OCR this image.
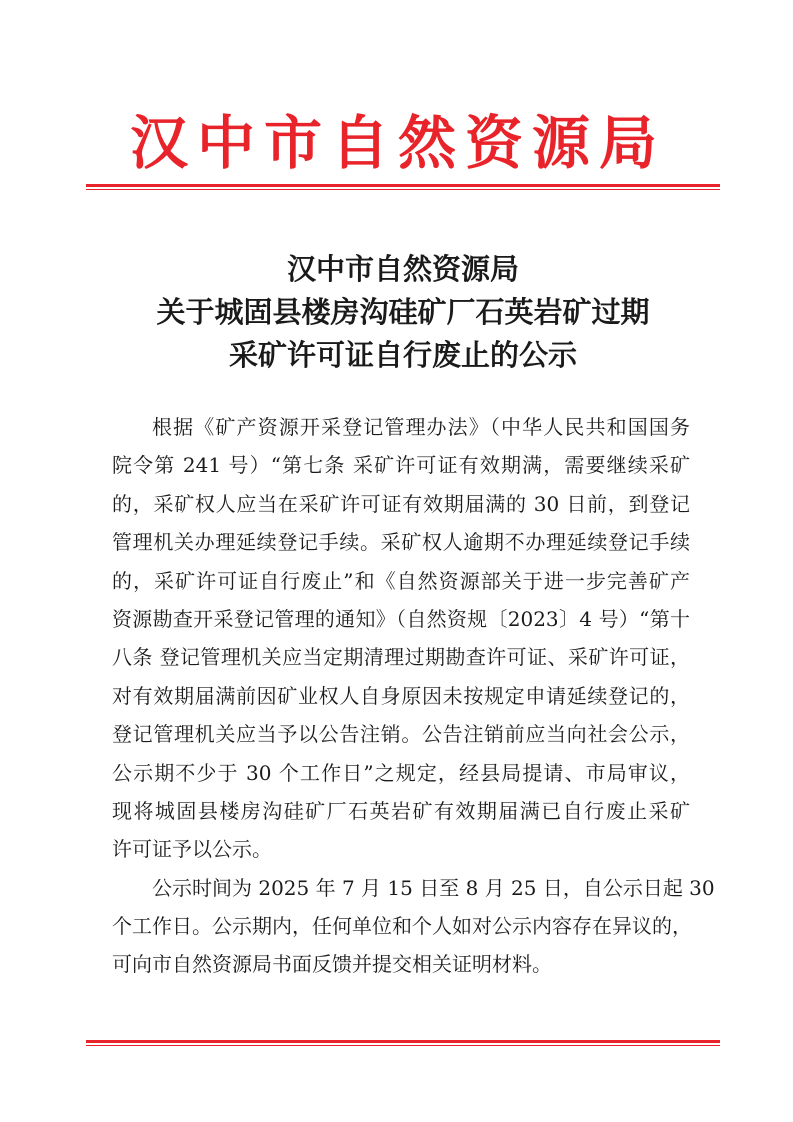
汉中市自然资源局
汉中市自然资源局
关于城固县楼房沟硅矿厂石英岩矿过期
采矿许可证自行废止的公示
根据《矿产资源开采登记管理办法》（中华人民共和国国务
院令第 241 号）“第七条 采矿许可证有效期满，需要继续采矿
的，采矿权人应当在采矿许可证有效期届满的 30 日前，到登记
管理机关办理延续登记手续。采矿权人逾期不办理延续登记手续
的，采矿许可证自行废止”和《自然资源部关于进一步完善矿产
资源勘查开采登记管理的通知》（自然资规〔2023〕4 号）“第十
八条 登记管理机关应当定期清理过期勘查许可证、采矿许可证，
对有效期届满前因矿业权人自身原因未按规定申请延续登记的，
登记管理机关应当予以公告注销。公告注销前应当向社会公示，
公示期不少于 30 个工作日”之规定，经县局提请、市局审议，
现将城固县楼房沟硅矿厂石英岩矿有效期届满已自行废止采矿
许可证予以公示。
公示时间为 2025 年 7 月 15 日至 8 月 25 日，自公示日起 30
个工作日。公示期内，任何单位和个人如对公示内容存在异议的，
可向市自然资源局书面反馈并提交相关证明材料。
